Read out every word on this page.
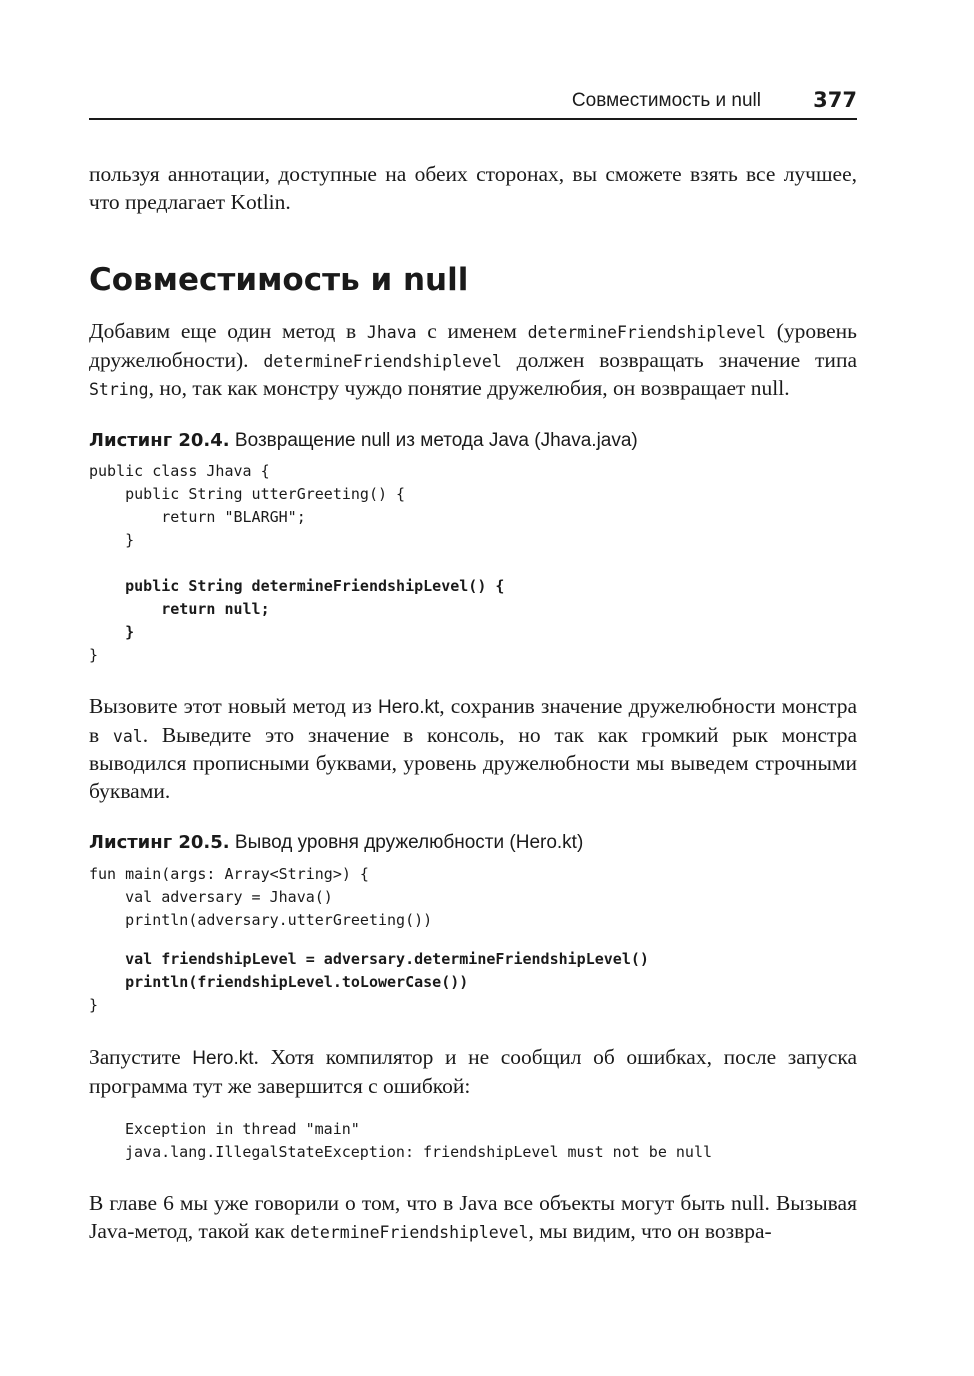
Совместимость и null 377

пользуя аннотации, доступные на обеих сторонах, вы сможете взять все лучшее, что предлагает Kotlin.

Совместимость и null

Добавим еще один метод в Jhava с именем determineFriendshiplevel (уровень дружелюбности). determineFriendshiplevel должен возвращать значение типа String, но, так как монстру чуждо понятие дружелюбия, он возвращает null.

Листинг 20.4. Возвращение null из метода Java (Jhava.java)
public class Jhava {
public String utterGreeting() {
return "BLARGH";
}
public String determineFriendshipLevel() {
return null;
}
}

Вызовите этот новый метод из Hero.kt, сохранив значение дружелюбности монстра в val. Выведите это значение в консоль, но так как громкий рык монстра выводился прописными буквами, уровень дружелюбности мы выведем строчными буквами.

Листинг 20.5. Вывод уровня дружелюбности (Hero.kt)
fun main(args: Array<String>) {
val adversary = Jhava()
println(adversary.utterGreeting())
val friendshipLevel = adversary.determineFriendshipLevel()
println(friendshipLevel.toLowerCase())
}

Запустите Hero.kt. Хотя компилятор и не сообщил об ошибках, после запуска программа тут же завершится с ошибкой:

Exception in thread "main"
java.lang.IllegalStateException: friendshipLevel must not be null

В главе 6 мы уже говорили о том, что в Java все объекты могут быть null. Вызывая Java-метод, такой как determineFriendshiplevel, мы видим, что он возвра-
